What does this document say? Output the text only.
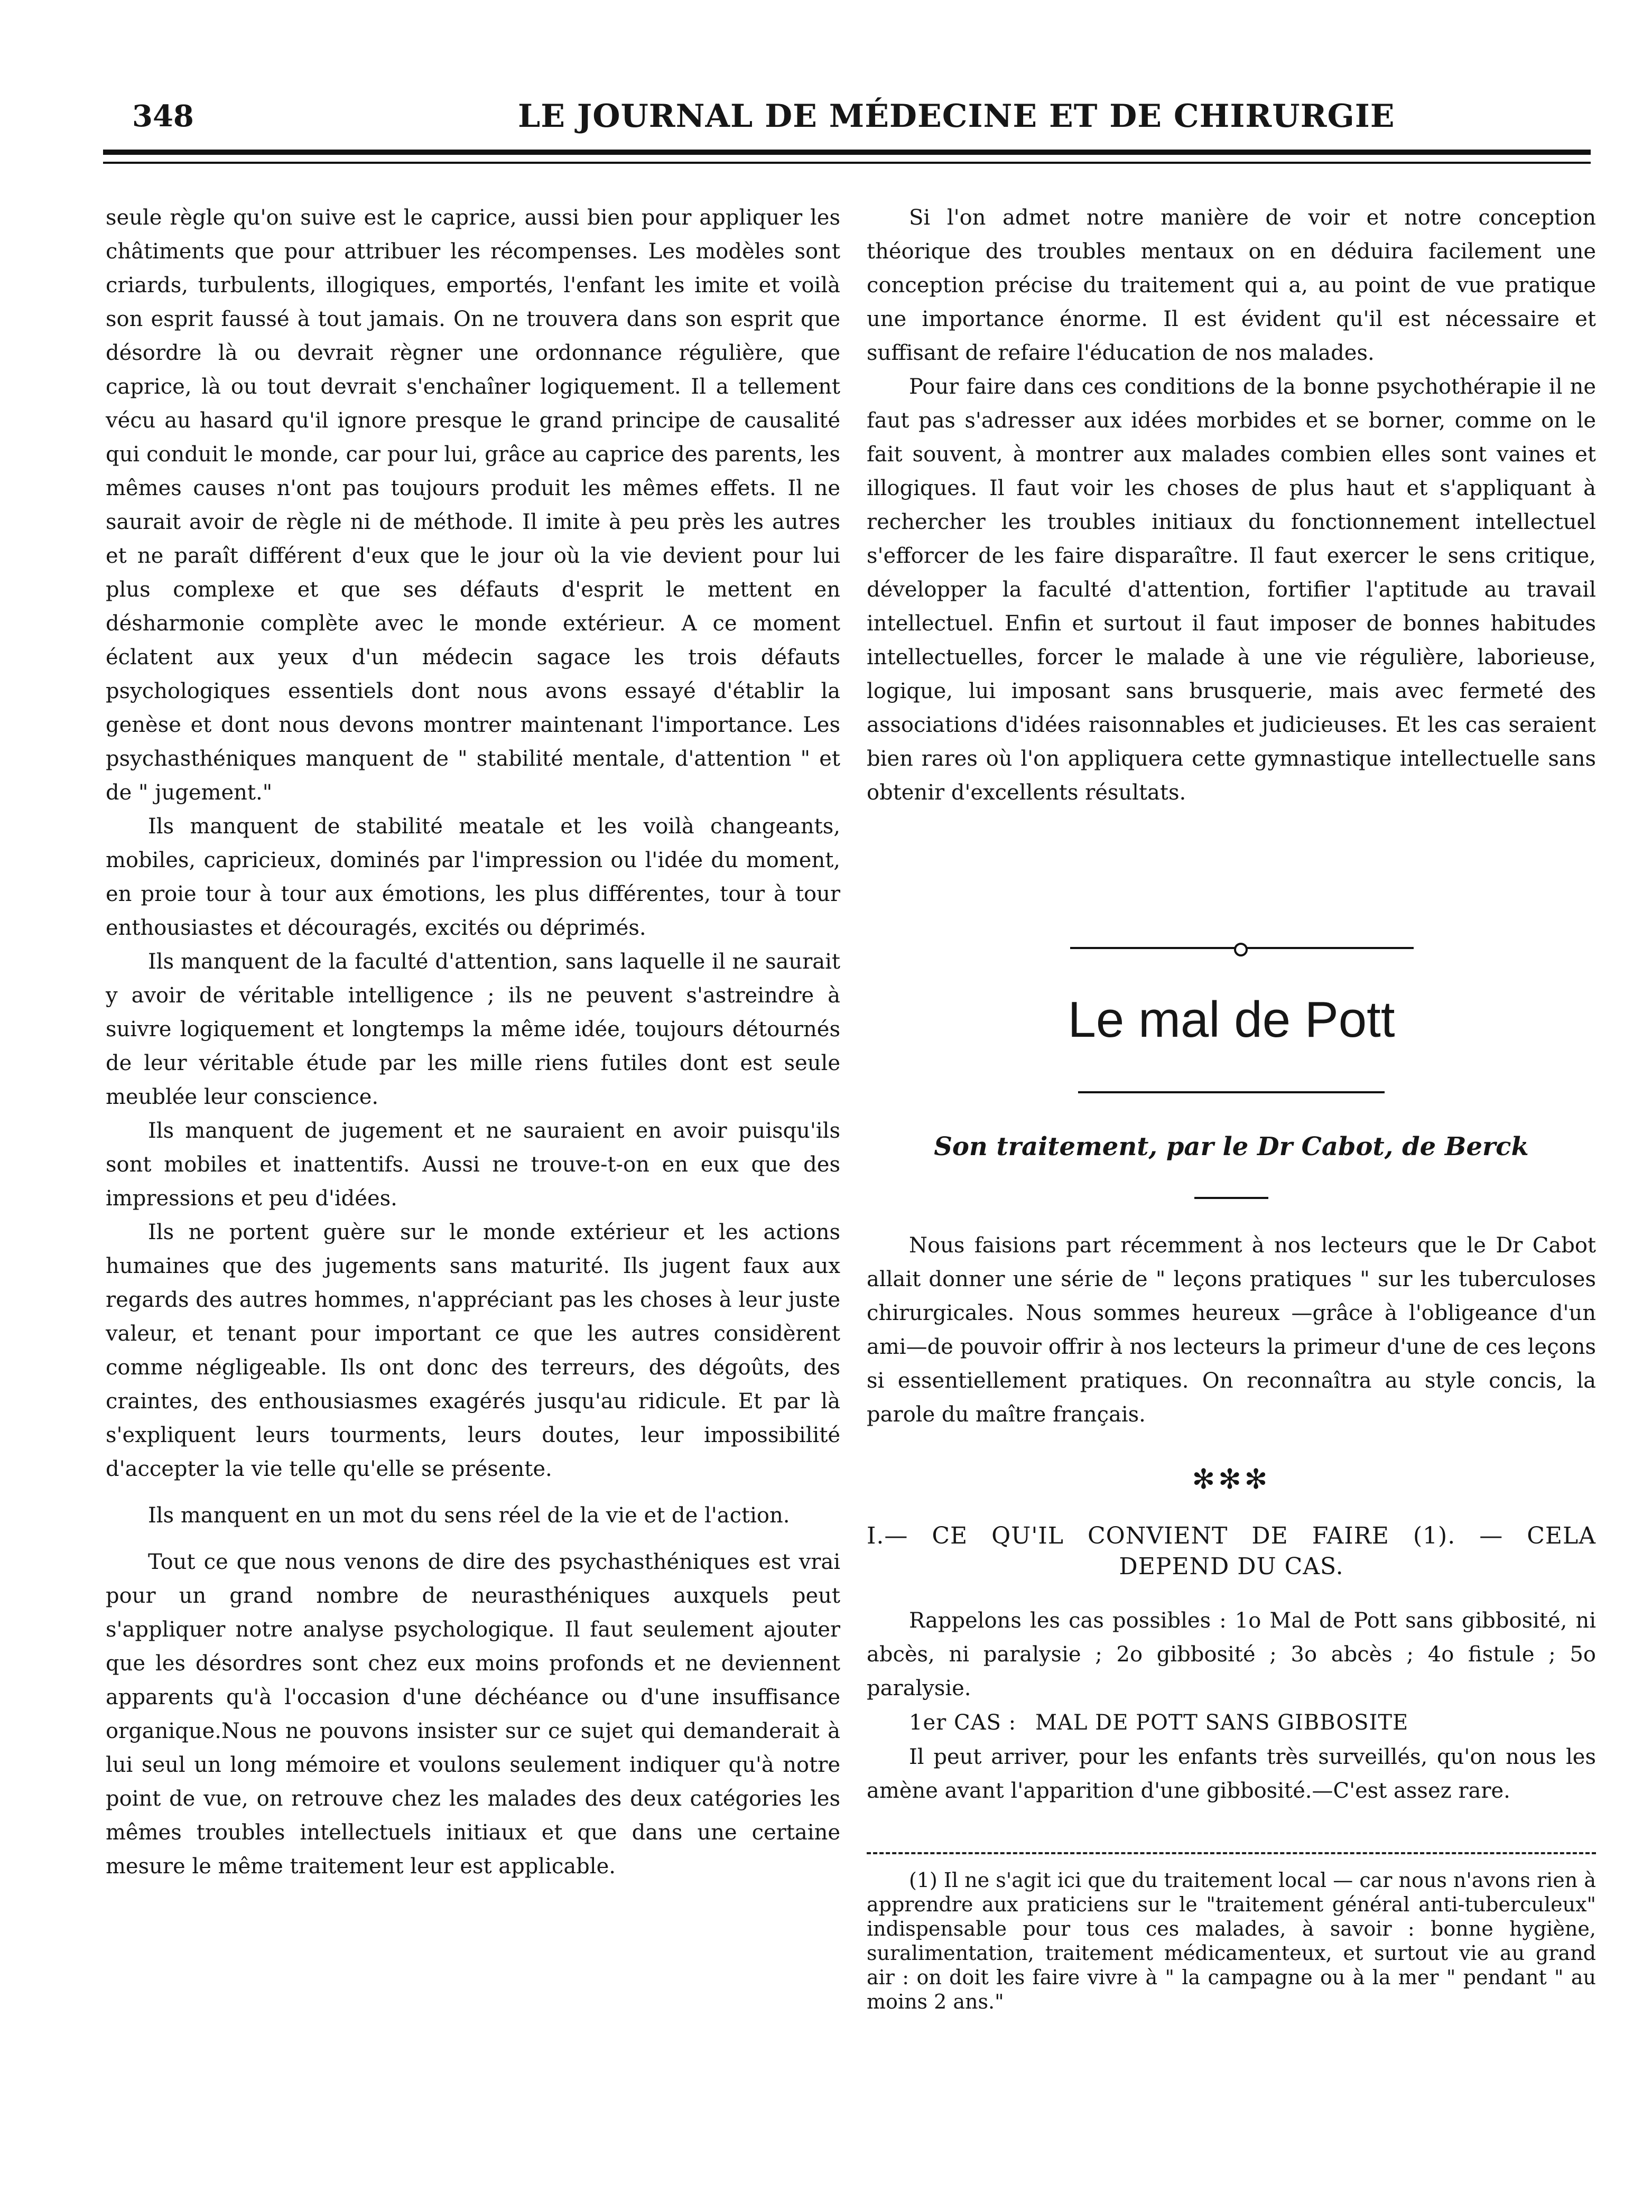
348	LE JOURNAL DE MÉDECINE ET DE CHIRURGIE

seule règle qu'on suive est le caprice, aussi bien pour appliquer les châtiments que pour attribuer les récompenses. Les modèles sont criards, turbulents, illogiques, emportés, l'enfant les imite et voilà son esprit faussé à tout jamais. On ne trouvera dans son esprit que désordre là ou devrait règner une ordonnance régulière, que caprice, là ou tout devrait s'enchaîner logiquement. Il a tellement vécu au hasard qu'il ignore presque le grand principe de causalité qui conduit le monde, car pour lui, grâce au caprice des parents, les mêmes causes n'ont pas toujours produit les mêmes effets. Il ne saurait avoir de règle ni de méthode. Il imite à peu près les autres et ne paraît différent d'eux que le jour où la vie devient pour lui plus complexe et que ses défauts d'esprit le mettent en désharmonie complète avec le monde extérieur. A ce moment éclatent aux yeux d'un médecin sagace les trois défauts psychologiques essentiels dont nous avons essayé d'établir la genèse et dont nous devons montrer maintenant l'importance. Les psychasthéniques manquent de " stabilité mentale, d'attention " et de " jugement."

Ils manquent de stabilité meatale et les voilà changeants, mobiles, capricieux, dominés par l'impression ou l'idée du moment, en proie tour à tour aux émotions, les plus différentes, tour à tour enthousiastes et découragés, excités ou déprimés.

Ils manquent de la faculté d'attention, sans laquelle il ne saurait y avoir de véritable intelligence ; ils ne peuvent s'astreindre à suivre logiquement et longtemps la même idée, toujours détournés de leur véritable étude par les mille riens futiles dont est seule meublée leur conscience.

Ils manquent de jugement et ne sauraient en avoir puisqu'ils sont mobiles et inattentifs. Aussi ne trouve-t-on en eux que des impressions et peu d'idées.

Ils ne portent guère sur le monde extérieur et les actions humaines que des jugements sans maturité. Ils jugent faux aux regards des autres hommes, n'appréciant pas les choses à leur juste valeur, et tenant pour important ce que les autres considèrent comme négligeable. Ils ont donc des terreurs, des dégoûts, des craintes, des enthousiasmes exagérés jusqu'au ridicule. Et par là s'expliquent leurs tourments, leurs doutes, leur impossibilité d'accepter la vie telle qu'elle se présente.

Ils manquent en un mot du sens réel de la vie et de l'action.

Tout ce que nous venons de dire des psychasthéniques est vrai pour un grand nombre de neurasthéniques auxquels peut s'appliquer notre analyse psychologique. Il faut seulement ajouter que les désordres sont chez eux moins profonds et ne deviennent apparents qu'à l'occasion d'une déchéance ou d'une insuffisance organique.Nous ne pouvons insister sur ce sujet qui demanderait à lui seul un long mémoire et voulons seulement indiquer qu'à notre point de vue, on retrouve chez les malades des deux catégories les mêmes troubles intellectuels initiaux et que dans une certaine mesure le même traitement leur est applicable.

Si l'on admet notre manière de voir et notre conception théorique des troubles mentaux on en déduira facilement une conception précise du traitement qui a, au point de vue pratique une importance énorme. Il est évident qu'il est nécessaire et suffisant de refaire l'éducation de nos malades.

Pour faire dans ces conditions de la bonne psychothérapie il ne faut pas s'adresser aux idées morbides et se borner, comme on le fait souvent, à montrer aux malades combien elles sont vaines et illogiques. Il faut voir les choses de plus haut et s'appliquant à rechercher les troubles initiaux du fonctionnement intellectuel s'efforcer de les faire disparaître. Il faut exercer le sens critique, développer la faculté d'attention, fortifier l'aptitude au travail intellectuel. Enfin et surtout il faut imposer de bonnes habitudes intellectuelles, forcer le malade à une vie régulière, laborieuse, logique, lui imposant sans brusquerie, mais avec fermeté des associations d'idées raisonnables et judicieuses. Et les cas seraient bien rares où l'on appliquera cette gymnastique intellectuelle sans obtenir d'excellents résultats.

Le mal de Pott
Son traitement, par le Dr Cabot, de Berck

Nous faisions part récemment à nos lecteurs que le Dr Cabot allait donner une série de " leçons pratiques " sur les tuberculoses chirurgicales. Nous sommes heureux —grâce à l'obligeance d'un ami—de pouvoir offrir à nos lecteurs la primeur d'une de ces leçons si essentiellement pratiques. On reconnaîtra au style concis, la parole du maître français.

✻✻✻
I.— CE QU'IL CONVIENT DE FAIRE (1). — CELA
DEPEND DU CAS.

Rappelons les cas possibles : 1o Mal de Pott sans gibbosité, ni abcès, ni paralysie ; 2o gibbosité ; 3o abcès ; 4o fistule ; 5o paralysie.

1er CAS : MAL DE POTT SANS GIBBOSITE

Il peut arriver, pour les enfants très surveillés, qu'on nous les amène avant l'apparition d'une gibbosité.—C'est assez rare.

(1) Il ne s'agit ici que du traitement local — car nous n'avons rien à apprendre aux praticiens sur le "traitement général anti-tuberculeux" indispensable pour tous ces malades, à savoir : bonne hygiène, suralimentation, traitement médicamenteux, et surtout vie au grand air : on doit les faire vivre à " la campagne ou à la mer " pendant " au moins 2 ans."
